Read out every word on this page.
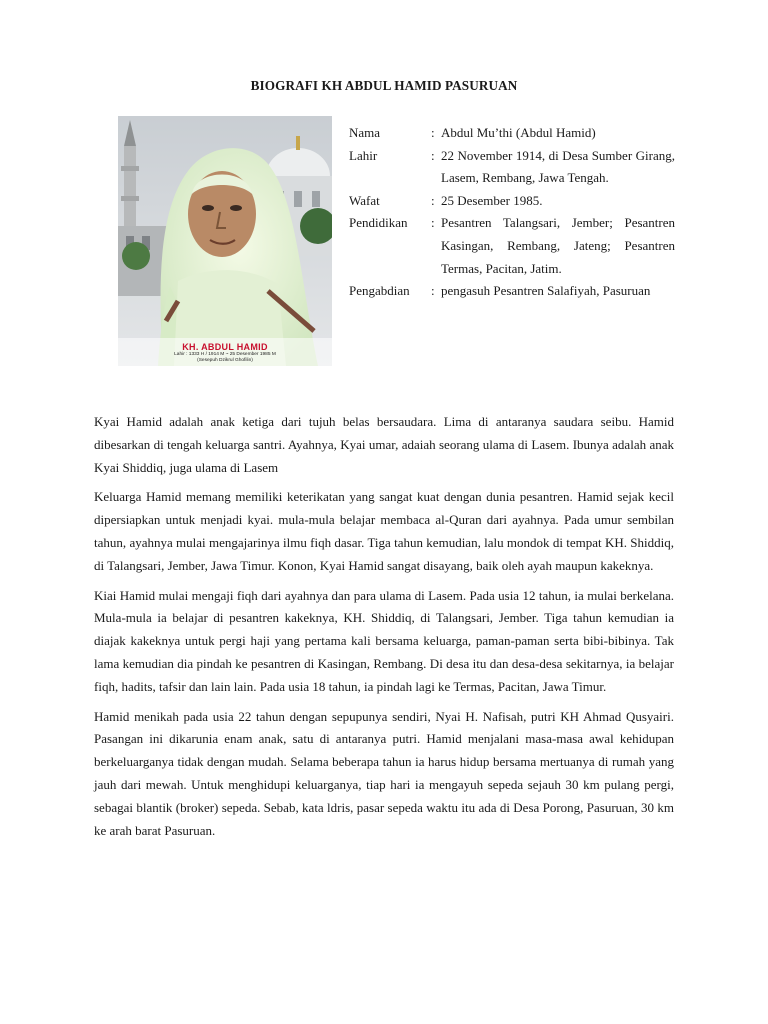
BIOGRAFI KH ABDUL HAMID PASURUAN
KH. ABDUL HAMID
Lahir : 1333 H / 1914 M ~ 25 Desember 1985 M
(Sesepuh Dzikrul Ghofilin)
Nama	: Abdul Mu’thi (Abdul Hamid)
Lahir	: 22 November 1914, di Desa Sumber Girang, Lasem, Rembang, Jawa Tengah.
Wafat	: 25 Desember 1985.
Pendidikan	: Pesantren Talangsari, Jember; Pesantren Kasingan, Rembang, Jateng; Pesantren Termas, Pacitan, Jatim.
Pengabdian	: pengasuh Pesantren Salafiyah, Pasuruan

Kyai Hamid adalah anak ketiga dari tujuh belas bersaudara. Lima di antaranya saudara seibu. Hamid dibesarkan di tengah keluarga santri. Ayahnya, Kyai umar, adaiah seorang ulama di Lasem. Ibunya adalah anak Kyai Shiddiq, juga ulama di Lasem

Keluarga Hamid memang memiliki keterikatan yang sangat kuat dengan dunia pesantren. Hamid sejak kecil dipersiapkan untuk menjadi kyai. mula-mula belajar membaca al-Quran dari ayahnya. Pada umur sembilan tahun, ayahnya mulai mengajarinya ilmu fiqh dasar. Tiga tahun kemudian, lalu mondok di tempat KH. Shiddiq, di Talangsari, Jember, Jawa Timur. Konon, Kyai Hamid sangat disayang, baik oleh ayah maupun kakeknya.

Kiai Hamid mulai mengaji fiqh dari ayahnya dan para ulama di Lasem. Pada usia 12 tahun, ia mulai berkelana. Mula-mula ia belajar di pesantren kakeknya, KH. Shiddiq, di Talangsari, Jember. Tiga tahun kemudian ia diajak kakeknya untuk pergi haji yang pertama kali bersama keluarga, paman-paman serta bibi-bibinya. Tak lama kemudian dia pindah ke pesantren di Kasingan, Rembang. Di desa itu dan desa-desa sekitarnya, ia belajar fiqh, hadits, tafsir dan lain lain. Pada usia 18 tahun, ia pindah lagi ke Termas, Pacitan, Jawa Timur.

Hamid menikah pada usia 22 tahun dengan sepupunya sendiri, Nyai H. Nafisah, putri KH Ahmad Qusyairi. Pasangan ini dikarunia enam anak, satu di antaranya putri. Hamid menjalani masa-masa awal kehidupan berkeluarganya tidak dengan mudah. Selama beberapa tahun ia harus hidup bersama mertuanya di rumah yang jauh dari mewah. Untuk menghidupi keluarganya, tiap hari ia mengayuh sepeda sejauh 30 km pulang pergi, sebagai blantik (broker) sepeda. Sebab, kata ldris, pasar sepeda waktu itu ada di Desa Porong, Pasuruan, 30 km ke arah barat Pasuruan.
